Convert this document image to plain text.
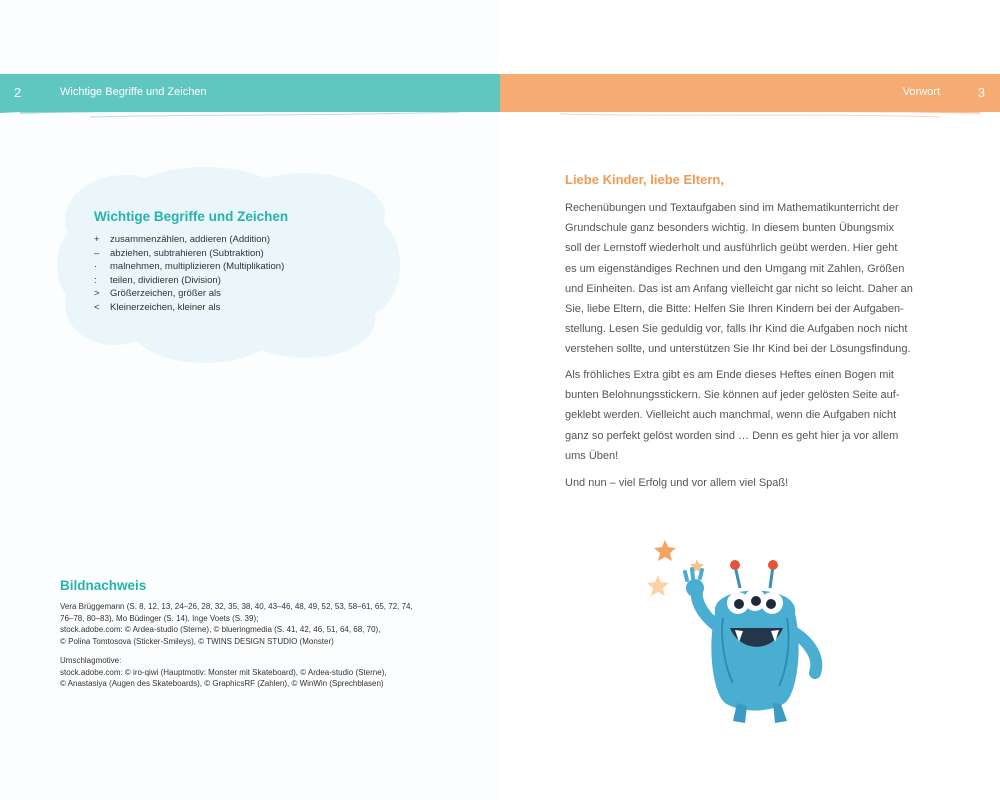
2	Wichtige Begriffe und Zeichen	Vorwort	3
Wichtige Begriffe und Zeichen
+	zusammenzählen, addieren (Addition)
–	abziehen, subtrahieren (Subtraktion)
·	malnehmen, multiplizieren (Multiplikation)
:	teilen, dividieren (Division)
>	Größerzeichen, größer als
<	Kleinerzeichen, kleiner als
Bildnachweis
Vera Brüggemann (S. 8, 12, 13, 24–26, 28, 32, 35, 38, 40, 43–46, 48, 49, 52, 53, 58–61, 65, 72, 74,
76–78, 80–83), Mo Büdinger (S. 14), Inge Voets (S. 39);
stock.adobe.com: © Ardea-studio (Sterne), © blueringmedia (S. 41, 42, 46, 51, 64, 68, 70),
© Polina Tomtosova (Sticker-Smileys), © TWINS DESIGN STUDIO (Monster)
Umschlagmotive:
stock.adobe.com: © iro-qiwi (Hauptmotiv: Monster mit Skateboard), © Ardea-studio (Sterne),
© Anastasiya (Augen des Skateboards), © GraphicsRF (Zahlen), © WinWin (Sprechblasen)
Liebe Kinder, liebe Eltern,
Rechenübungen und Textaufgaben sind im Mathematikunterricht der
Grundschule ganz besonders wichtig. In diesem bunten Übungsmix
soll der Lernstoff wiederholt und ausführlich geübt werden. Hier geht
es um eigenständiges Rechnen und den Umgang mit Zahlen, Größen
und Einheiten. Das ist am Anfang vielleicht gar nicht so leicht. Daher an
Sie, liebe Eltern, die Bitte: Helfen Sie Ihren Kindern bei der Aufgaben-
stellung. Lesen Sie geduldig vor, falls Ihr Kind die Aufgaben noch nicht
verstehen sollte, und unterstützen Sie Ihr Kind bei der Lösungsfindung.
Als fröhliches Extra gibt es am Ende dieses Heftes einen Bogen mit
bunten Belohnungsstickern. Sie können auf jeder gelösten Seite auf-
geklebt werden. Vielleicht auch manchmal, wenn die Aufgaben nicht
ganz so perfekt gelöst worden sind … Denn es geht hier ja vor allem
ums Üben!
Und nun – viel Erfolg und vor allem viel Spaß!
